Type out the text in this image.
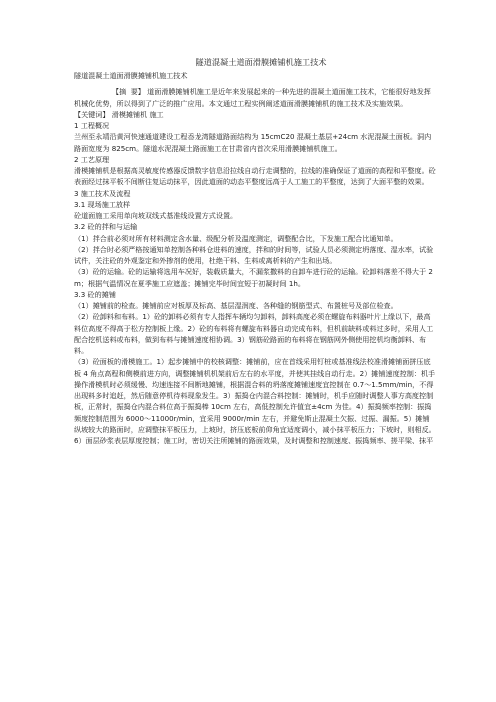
隧道混凝土道面滑膜摊铺机施工技术

隧道混凝土道面滑膜摊铺机施工技术

【摘  要】 道面滑膜摊铺机施工是近年来发展起来的一种先进的混凝土道面施工技术，它能很好地发挥机械化优势，所以得到了广泛的推广应用。本文通过工程实例阐述道面滑膜摊铺机的施工技术及实施效果。

【关键词】 滑模摊铺机 施工

1 工程概况

兰州至永靖沿黄河快速通道建设工程岙龙湾隧道路面结构为 15cmC20 混凝土基层+24cm 水泥混凝土面板。洞内路面宽度为 825cm。隧道水泥混凝土路面施工在甘肃省内首次采用滑膜摊铺机施工。

2 工艺原理

滑模摊铺机是根据高灵敏度传感器反馈数字信息沿拉线自动行走调整的，拉线的准确保证了道面的高程和平整度。砼表面经过抹平板不间断往复运动抹平，因此道面的动态平整度远高于人工施工的平整度，达到了大面平整的效果。

3 施工技术及流程

3.1 现场施工放样

砼道面施工采用单向坡双线式基准线设置方式设置。

3.2 砼的拌和与运输

（1）拌合前必须对所有材料测定含水量、级配分析及温度测定，调整配合比，下发施工配合比通知单。

（2）拌合时必须严格按通知单控制各种料仓进料的速度，拌和的时间等，试验人员必须测定坍落度、湿水率，试验试件，关注砼的外观鉴定和外掺剂的使用，杜绝干料、生料或离析料的产生和出场。

（3）砼的运输。砼的运输将选用车况好，装载质量大，不漏浆撒料的自卸车进行砼的运输。砼卸料落差不得大于 2m；根据气温情况在夏季施工应遮盖；摊铺完毕时间宜短于初凝时间 1h。

3.3 砼的摊铺

（1）摊铺前的检查。摊铺前应对板厚及标高、基层湿润度、各种缝的钢筋型式、布置桩号及部位检查。

（2）砼卸料和布料。1）砼的卸料必须有专人指挥车辆均匀卸料，卸料高度必须在螺旋布料器叶片上缘以下，最高料位高度不得高于松方控制板上缘。2）砼的布料将有螺旋布料器自动完成布料，但机前缺料或料过多时，采用人工配合挖机送料或布料，做到布料与摊铺速度相协调。3）钢筋砼路面的布料将在钢筋网外侧使用挖机均衡卸料、布料。

（3）砼面板的滑模施工。1）起步摊铺中的校核调整：摊铺前，应在首线采用钉桩或基准线法校准滑摊铺面拼压底板 4 角点高程和侧模前进方向，调整摊铺机机架前后左右的水平度，并使其挂线自动行走。2）摊铺速度控制：机手操作滑模机时必须缓慢、均速连接不间断地摊铺，根据混合料的坍落度摊铺速度宜控制在 0.7～1.5mm/min，不得出现料多时追赶，然后随意停机待料现象发生。3）振捣仓内混合料控制：摊铺时，机手应随时调整人事方高度控制板，正常时，振捣仓内混合料位高于振捣棒 10cm 左右，高低控制允许值宜±4cm 为佳。4）振捣频率控制：振捣频度控制范围为 6000～11000r/min，宜采用 9000r/min 左右，并避免斯止混凝土欠振、过振、漏振。5）摊铺纵坡较大的路面时，应调整抹平板压力，上坡时，挤压底板前仰角宜适度调小，减小抹平板压力；下坡时，则相反。6）面层砂浆表层厚度控制；施工时，密切关注所摊铺的路面效果，及时调整和控制速度、振捣频率、搓平梁、抹平
